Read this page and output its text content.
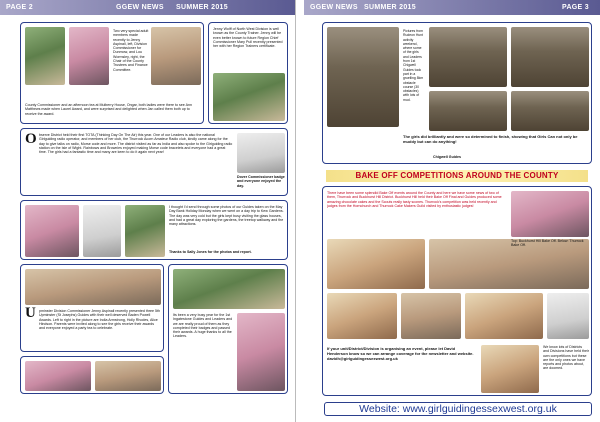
PAGE 2	GGEW NEWS SUMMER 2015
Two very special adult members made recently to Jenny Aspinall, left, Division Commissioner for Dunmow, and Lou Wormsley, right, the Chair of the County Trustees and Finance Committee.
County Commissioner and an afternoon tea at Mulberry House, Ongar, both ladies were there to see Ann Matthews made when Laurel Award, and were surprised and delighted when Jan called them both up to receive the award.
Jenny Wolff of North West Division is well known as the County Trainer. Jenny will be even better known to future Region Chief Commissioner Mary Pull recently presented her with her Region Trainers certificate.
O bserve District held their first TOTA (Thinking Day On The Air) this year. One of our Leaders is also the national Girlguiding radio operator, and members of her club, the Thurrock Acorn Amateur Radio club, kindly came along for the day to give talks on radio, Morse code and more. The district visited as far as India and also spoke to the Girlguiding radio station on the Isle of Wight. Rainbows and Brownies enjoyed making Morse code bracelets and everyone had a great time. The girls had a fantastic time and many are keen to do it again next year!
Dover Commissioner badge and everyone enjoyed the day.
I thought I'd send through some photos of our Guides taken on the May Day Bank Holiday Monday when we went on a day trip to Kew Gardens. The day was very cold but the girls kept busy visiting the glass houses, and had a great day exploring the gardens, the treetop walkway and the many attractions.
Thanks to Sally Jones for the photos and report.
U pminster Division Commissioner Jenny Aspinall recently presented three 5th Upminster (St Josephs) Guides with their well deserved Baden Powell Awards. Left to right in the picture are India Armstrong, Holly Rhodes, Alice Hindson. Parents were invited along to see the girls receive their awards and everyone enjoyed a party tea to celebrate.
Its been a very busy year for the 1st Ingatestone Guides and Leaders and we are really proud of them as they completed their badges and passed their awards. A huge thanks to all the Leaders.
GGEW NEWS SUMMER 2015	PAGE 3
Pictures from Rudeon Hunt activity weekend, where some of the girls and Leaders from 1st Chigwell Guides took part in a gruelling 8km obstacle course (30 obstacles) with lots of mud.
The girls did brilliantly and were so determined to finish, showing that Girls Can not only be muddy but can do anything!
Chigwell Guides
BAKE OFF COMPETITIONS AROUND THE COUNTY
There have been some splendid Bake Off events around the County and here we have some news of two of them, Thurrock and Buckhurst Hill District. Buckhurst Hill held their Bake Off Final and Guides produced some amazing chocolate cakes and the Scouts really tasty scones. Thurrock's competition was held recently and judges from the Hornchurch and Thurrock Cake Makers Guild visited by enthusiastic judges!
Top: Buckhurst Hill Bake Off. Below: Thurrock Bake Off.
We know lots of Districts and Divisions have held their own competitions but these are the only ones we have reports and photos about, are doomed.
If your unit/District/Division is organising an event, please let David Henderson know so we can arrange coverage for the newsletter and website. davidh@girlguidingessexwest.org.uk
Website: www.girlguidingessexwest.org.uk
